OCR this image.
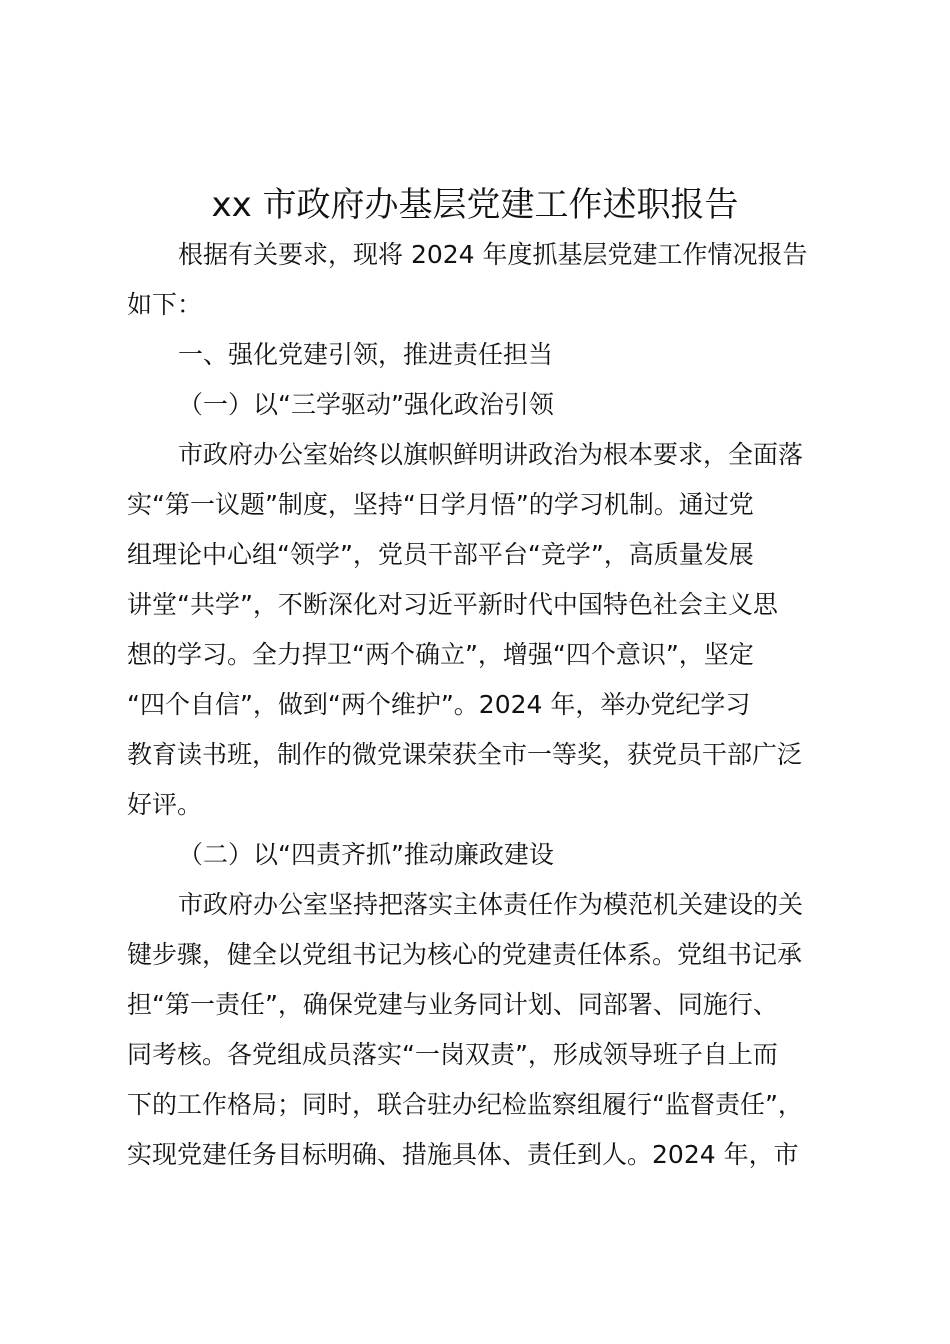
xx 市政府办基层党建工作述职报告

根据有关要求，现将 2024 年度抓基层党建工作情况报告

如下：

一、强化党建引领，推进责任担当

（一）以“三学驱动”强化政治引领

市政府办公室始终以旗帜鲜明讲政治为根本要求，全面落

实“第一议题”制度，坚持“日学月悟”的学习机制。通过党

组理论中心组“领学”，党员干部平台“竞学”，高质量发展

讲堂“共学”，不断深化对习近平新时代中国特色社会主义思

想的学习。全力捍卫“两个确立”，增强“四个意识”，坚定

“四个自信”，做到“两个维护”。2024 年，举办党纪学习

教育读书班，制作的微党课荣获全市一等奖，获党员干部广泛

好评。

（二）以“四责齐抓”推动廉政建设

市政府办公室坚持把落实主体责任作为模范机关建设的关

键步骤，健全以党组书记为核心的党建责任体系。党组书记承

担“第一责任”，确保党建与业务同计划、同部署、同施行、

同考核。各党组成员落实“一岗双责”，形成领导班子自上而

下的工作格局；同时，联合驻办纪检监察组履行“监督责任”，

实现党建任务目标明确、措施具体、责任到人。2024 年，市
